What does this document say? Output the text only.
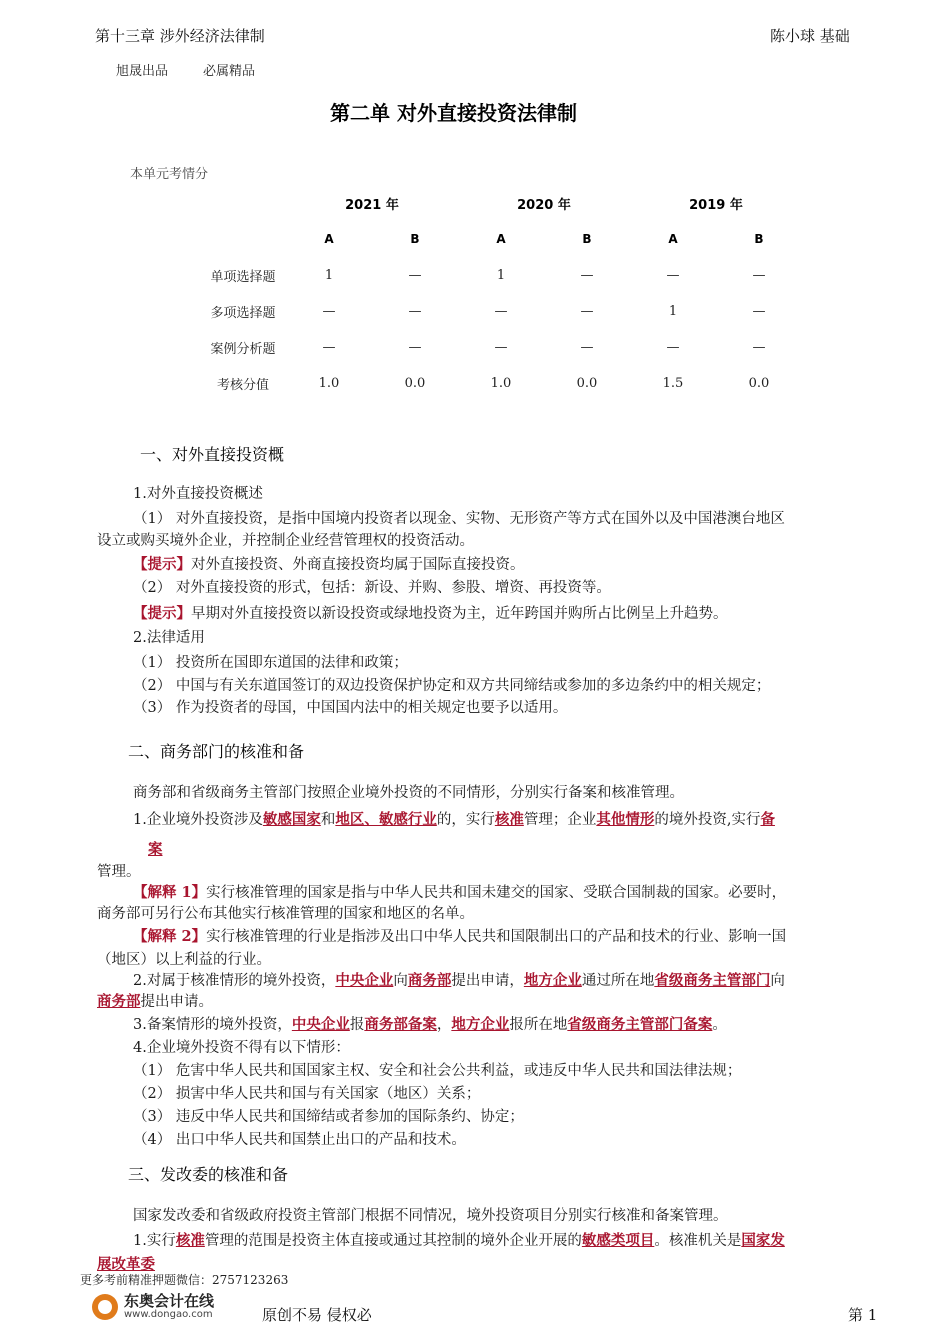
第十三章 涉外经济法律制	陈小球 基础
旭晟出品	必属精品
第二单 对外直接投资法律制
本单元考情分
	2021 年		2020 年		2019 年	
	A	B	A	B	A	B
单项选择题	1	—	1	—	—	—
多项选择题	—	—	—	—	1	—
案例分析题	—	—	—	—	—	—
考核分值	1.0	0.0	1.0	0.0	1.5	0.0
一、对外直接投资概
1.对外直接投资概述
（1） 对外直接投资，是指中国境内投资者以现金、实物、无形资产等方式在国外以及中国港澳台地区
设立或购买境外企业，并控制企业经营管理权的投资活动。
【提示】对外直接投资、外商直接投资均属于国际直接投资。
（2） 对外直接投资的形式，包括：新设、并购、参股、增资、再投资等。
【提示】早期对外直接投资以新设投资或绿地投资为主，近年跨国并购所占比例呈上升趋势。
2.法律适用
（1） 投资所在国即东道国的法律和政策；
（2） 中国与有关东道国签订的双边投资保护协定和双方共同缔结或参加的多边条约中的相关规定；
（3） 作为投资者的母国，中国国内法中的相关规定也要予以适用。
二、商务部门的核准和备
商务部和省级商务主管部门按照企业境外投资的不同情形，分别实行备案和核准管理。
1.企业境外投资涉及敏感国家和地区、敏感行业的，实行核准管理；企业其他情形的境外投资,实行备
案
管理。
【解释 1】实行核准管理的国家是指与中华人民共和国未建交的国家、受联合国制裁的国家。必要时，
商务部可另行公布其他实行核准管理的国家和地区的名单。
【解释 2】实行核准管理的行业是指涉及出口中华人民共和国限制出口的产品和技术的行业、影响一国
（地区）以上利益的行业。
2.对属于核准情形的境外投资，中央企业向商务部提出申请，地方企业通过所在地省级商务主管部门向
商务部提出申请。
3.备案情形的境外投资，中央企业报商务部备案，地方企业报所在地省级商务主管部门备案。
4.企业境外投资不得有以下情形：
（1） 危害中华人民共和国国家主权、安全和社会公共利益，或违反中华人民共和国法律法规；
（2） 损害中华人民共和国与有关国家（地区）关系；
（3） 违反中华人民共和国缔结或者参加的国际条约、协定；
（4） 出口中华人民共和国禁止出口的产品和技术。
三、发改委的核准和备
国家发改委和省级政府投资主管部门根据不同情况，境外投资项目分别实行核准和备案管理。
1.实行核准管理的范围是投资主体直接或通过其控制的境外企业开展的敏感类项目。核准机关是国家发
展改革委
更多考前精准押题微信：2757123263
东奥会计在线
www.dongao.com	原创不易 侵权必	第 1
